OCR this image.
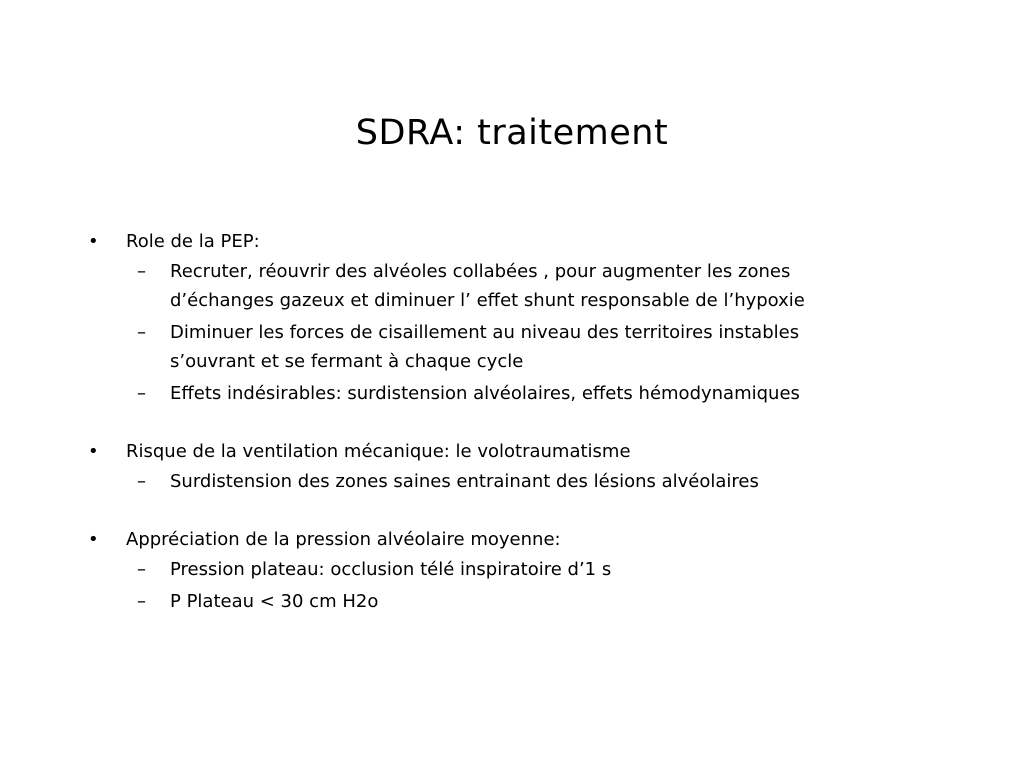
SDRA: traitement
• Role de la PEP:
– Recruter, réouvrir des alvéoles collabées , pour augmenter les zones
d’échanges gazeux et diminuer l’ effet shunt responsable de l’hypoxie
– Diminuer les forces de cisaillement au niveau des territoires instables
s’ouvrant et se fermant à chaque cycle
– Effets indésirables: surdistension alvéolaires, effets hémodynamiques
• Risque de la ventilation mécanique: le volotraumatisme
– Surdistension des zones saines entrainant des lésions alvéolaires
• Appréciation de la pression alvéolaire moyenne:
– Pression plateau: occlusion télé inspiratoire d’1 s
– P Plateau < 30 cm H2o
